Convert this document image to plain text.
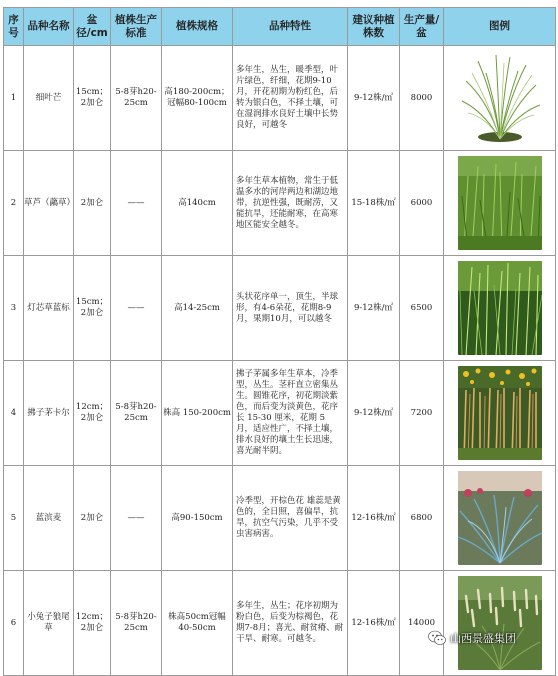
序号	品种名称	盆径/cm	植株生产标准	植株规格	品种特性	建议种植株数	生产量/盆	图例
1	细叶芒	15cm；2加仑	5-8芽h20-25cm	高180-200cm；冠幅80-100cm	多年生，丛生，暖季型，叶片绿色，纤细，花期9-10月，开花初期为粉红色，后转为银白色，不择土壤，可在湿润排水良好土壤中长势良好，可越冬	9-12株/㎡	8000	

2	草芦（虉草）	2加仑	——	高140cm	多年生草本植物，常生于低温多水的河岸两边和湖边地带，抗逆性强，既耐涝，又能抗旱，还能耐寒，在高寒地区能安全越冬。	15-18株/㎡	6000	

3	灯芯草蓝标	15cm；2加仑	——	高14-25cm	头状花序单一，顶生，半球形，有4-6朵花，花期8-9月，果期10月，可以越冬	9-12株/㎡	6500	

4	拂子茅卡尔	12cm；2加仑	5-8芽h20-25cm	株高 150-200cm	拂子茅属多年生草本，冷季型，丛生。茎秆直立密集丛生。圆锥花序，初花期淡紫色，而后变为淡黄色，花序长 15-30 厘米，花期 5 月，适应性广，不择土壤，排水良好的壤土生长迅速，喜光耐半阴。	9-12株/㎡	7200	

5	蓝滨麦	2加仑	——	高90-150cm	冷季型，开棕色花 雄蕊是黄色的，全日照，喜偏旱，抗旱，抗空气污染，几乎不受虫害病害。	12-16株/㎡	6800	

6	小兔子狼尾草	12cm；2加仑	5-8芽h20-25cm	株高50cm冠幅40-50cm	多年生，丛生；花序初期为粉白色，后变为棕褐色，花期7-8月；喜光、耐贫瘠、耐干旱、耐寒。可越冬。	12-16株/㎡	14000	
山西景盛集团
